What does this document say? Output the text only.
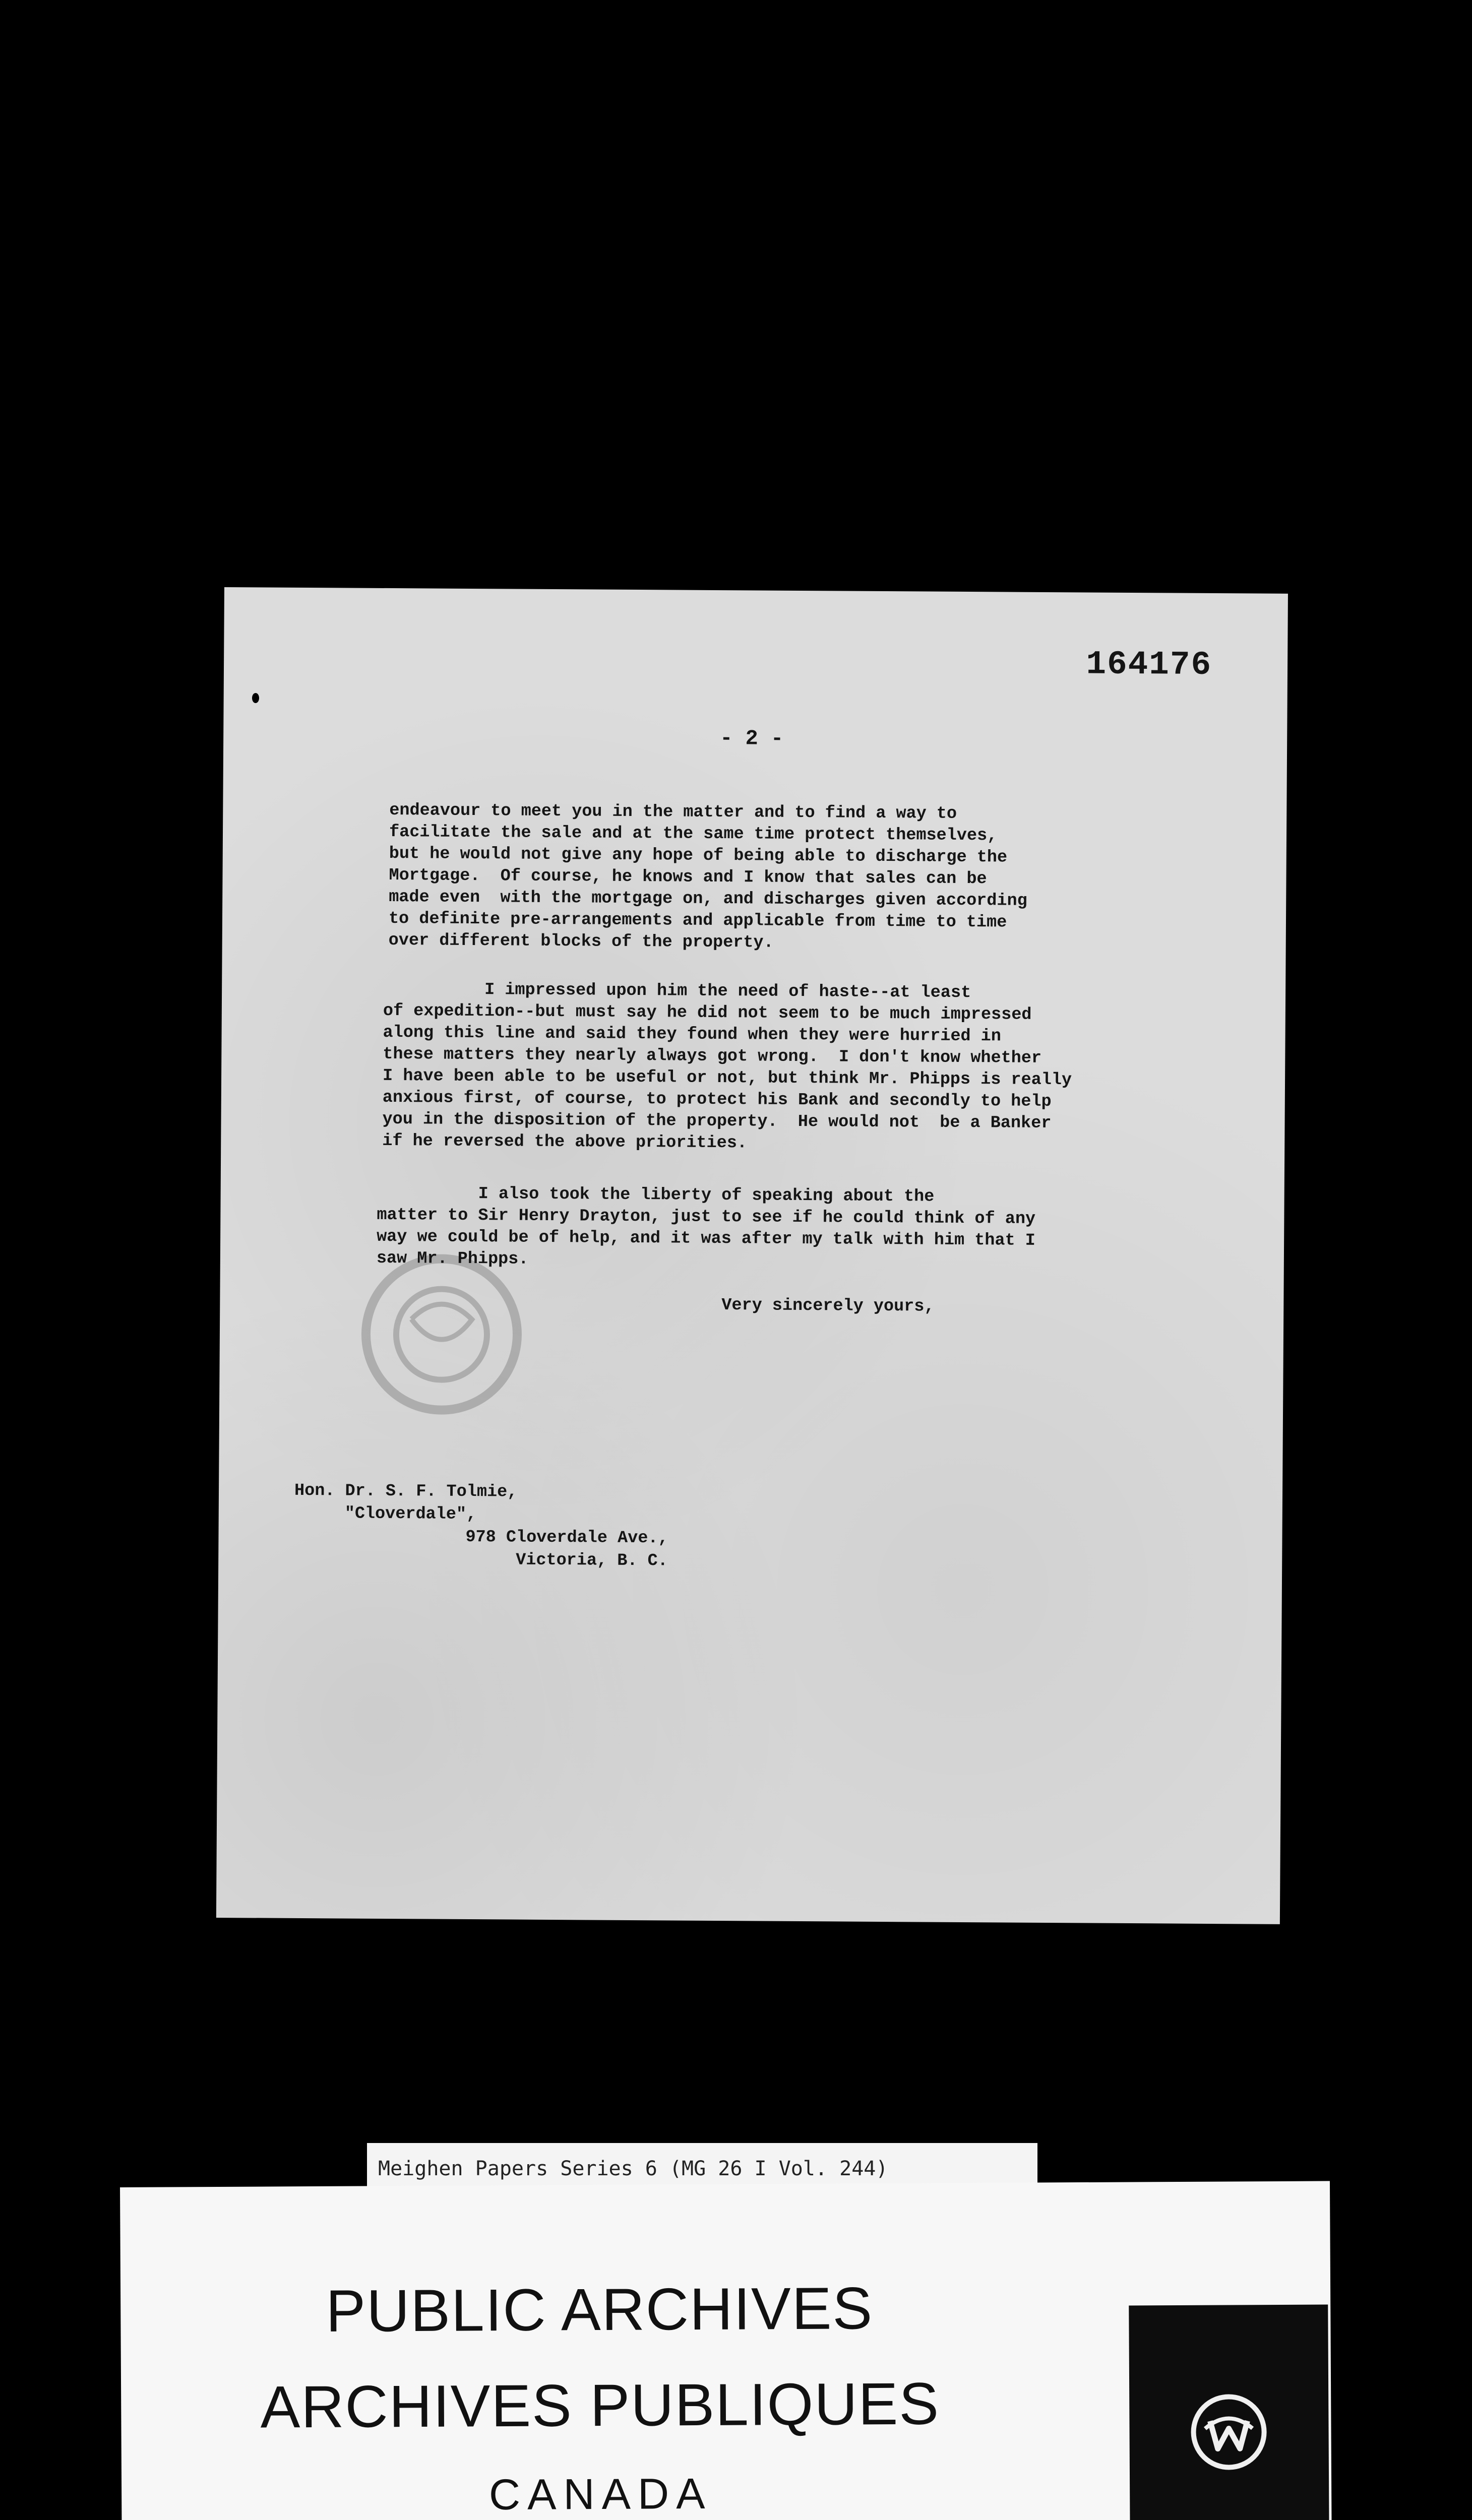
164176
- 2 -
endeavour to meet you in the matter and to find a way to
facilitate the sale and at the same time protect themselves,
but he would not give any hope of being able to discharge the
Mortgage.  Of course, he knows and I know that sales can be
made even  with the mortgage on, and discharges given according
to definite pre-arrangements and applicable from time to time
over different blocks of the property.
I impressed upon him the need of haste--at least
of expedition--but must say he did not seem to be much impressed
along this line and said they found when they were hurried in
these matters they nearly always got wrong.  I don't know whether
I have been able to be useful or not, but think Mr. Phipps is really
anxious first, of course, to protect his Bank and secondly to help
you in the disposition of the property.  He would not  be a Banker
if he reversed the above priorities.
I also took the liberty of speaking about the
matter to Sir Henry Drayton, just to see if he could think of any
way we could be of help, and it was after my talk with him that I
saw Mr. Phipps.
Very sincerely yours,
Hon. Dr. S. F. Tolmie,
"Cloverdale",
978 Cloverdale Ave.,
Victoria, B. C.
Meighen Papers Series 6 (MG 26 I Vol. 244)
PUBLIC ARCHIVES
ARCHIVES PUBLIQUES
CANADA
